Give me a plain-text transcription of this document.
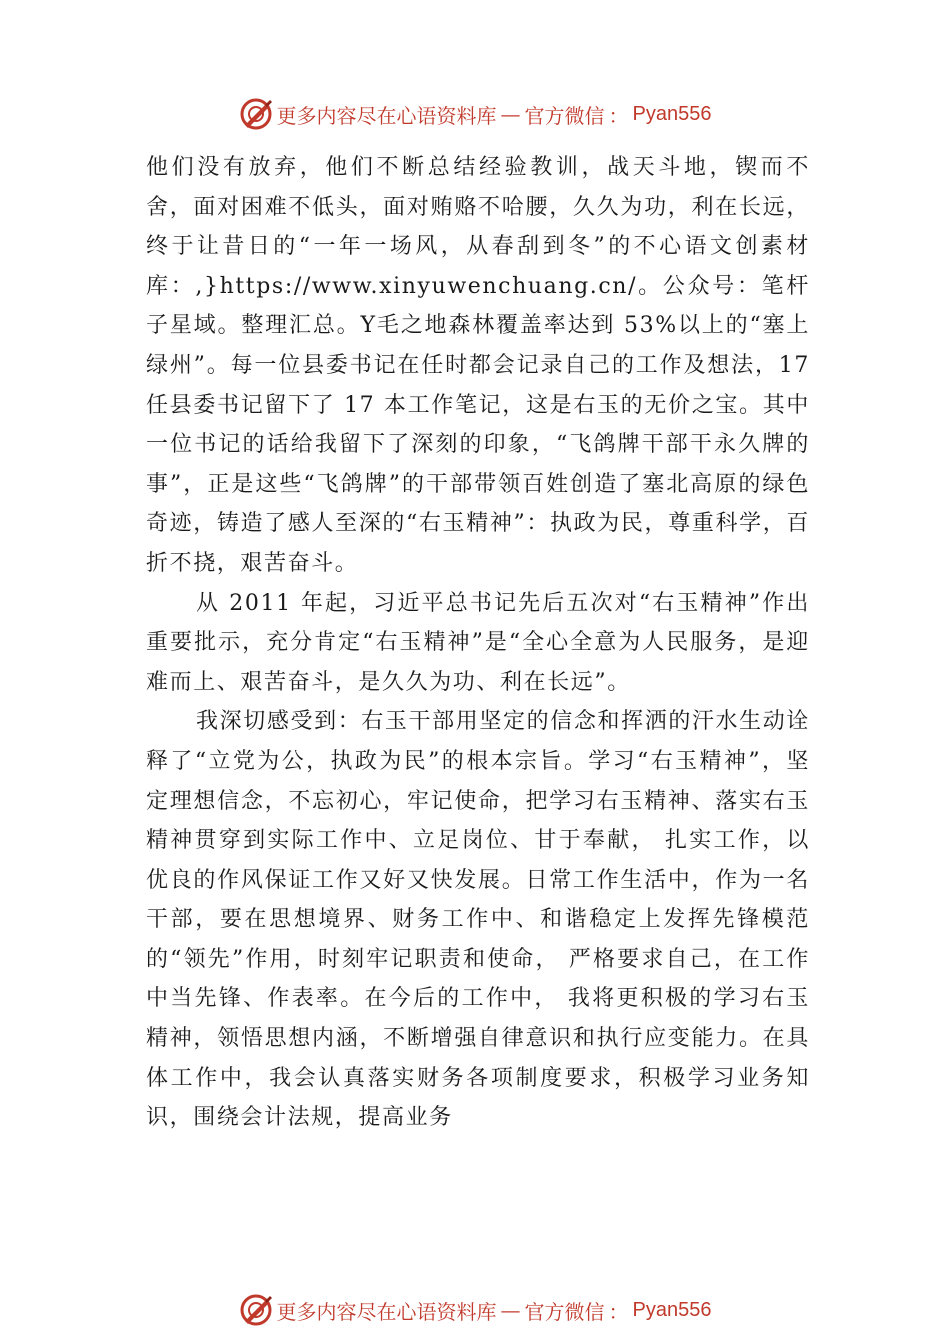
更多内容尽在心语资料库 — 官方微信 ： Pyan556

他们没有放弃，他们不断总结经验教训，战天斗地，锲而不 舍，面对困难不低头，面对贿赂不哈腰，久久为功，利在长远，终于让昔日的“一年一场风，从春刮到冬”的不心语文创素材库：,}https://www.xinyuwenchuang.cn/。公众号：笔杆子星域。整理汇总。Y毛之地森林覆盖率达到 53%以上的“塞上绿州”。每一位县委书记在任时都会记录自己的工作及想法，17 任县委书记留下了 17 本工作笔记，这是右玉的无价之宝。其中一位书记的话给我留下了深刻的印象，“飞鸽牌干部干永久牌的事”，正是这些“飞鸽牌”的干部带领百姓创造了塞北高原的绿色奇迹，铸造了感人至深的“右玉精神”：执政为民，尊重科学，百折不挠，艰苦奋斗。

从 2011 年起，习近平总书记先后五次对“右玉精神”作出重要批示，充分肯定“右玉精神”是“全心全意为人民服务，是迎难而上、艰苦奋斗，是久久为功、利在长远”。

我深切感受到：右玉干部用坚定的信念和挥洒的汗水生动诠释了“立党为公，执政为民”的根本宗旨。学习“右玉精神”，坚定理想信念，不忘初心，牢记使命，把学习右玉精神、落实右玉精神贯穿到实际工作中、立足岗位、甘于奉献， 扎实工作，以优良的作风保证工作又好又快发展。日常工作生活中，作为一名干部，要在思想境界、财务工作中、和谐稳定上发挥先锋模范的“领先”作用，时刻牢记职责和使命， 严格要求自己，在工作中当先锋、作表率。在今后的工作中， 我将更积极的学习右玉精神，领悟思想内涵，不断增强自律意识和执行应变能力。在具体工作中，我会认真落实财务各项制度要求，积极学习业务知识，围绕会计法规，提高业务

更多内容尽在心语资料库 — 官方微信 ： Pyan556
